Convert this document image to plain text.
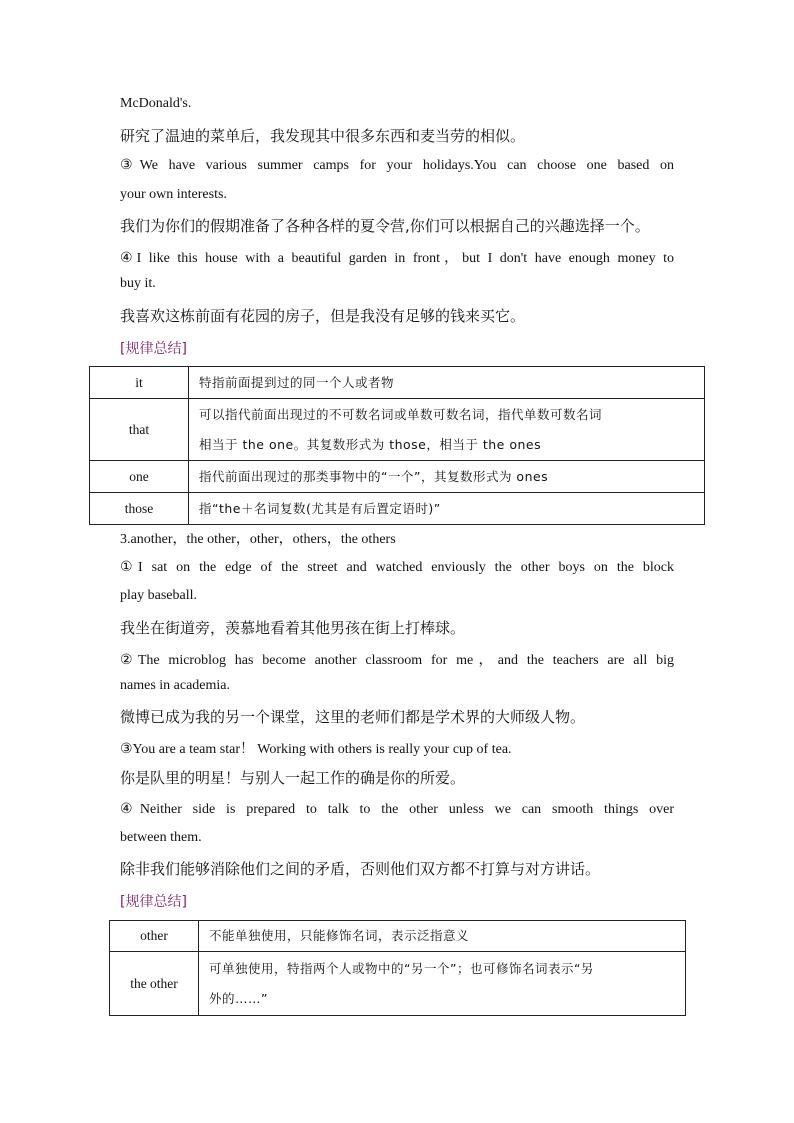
McDonald's.
研究了温迪的菜单后，我发现其中很多东西和麦当劳的相似。
③We have various summer camps for your holidays.You can choose one based on
your own interests.
我们为你们的假期准备了各种各样的夏令营,你们可以根据自己的兴趣选择一个。
④I like this house with a beautiful garden in front，but I don't have enough money to
buy it.
我喜欢这栋前面有花园的房子，但是我没有足够的钱来买它。
[规律总结]
it	特指前面提到过的同一个人或者物
that	可以指代前面出现过的不可数名词或单数可数名词，指代单数可数名词
相当于 the one。其复数形式为 those，相当于 the ones
one	指代前面出现过的那类事物中的“一个”，其复数形式为 ones
those	指“the＋名词复数(尤其是有后置定语时)”
3.another，the other，other，others，the others
①I sat on the edge of the street and watched enviously the other boys on the block
play baseball.
我坐在街道旁，羡慕地看着其他男孩在街上打棒球。
②The microblog has become another classroom for me，and the teachers are all big
names in academia.
微博已成为我的另一个课堂，这里的老师们都是学术界的大师级人物。
③You are a team star！ Working with others is really your cup of tea.
你是队里的明星！与别人一起工作的确是你的所爱。
④Neither side is prepared to talk to the other unless we can smooth things over
between them.
除非我们能够消除他们之间的矛盾，否则他们双方都不打算与对方讲话。
[规律总结]
other	不能单独使用，只能修饰名词，表示泛指意义
the other	可单独使用，特指两个人或物中的“另一个”；也可修饰名词表示“另
外的……”
